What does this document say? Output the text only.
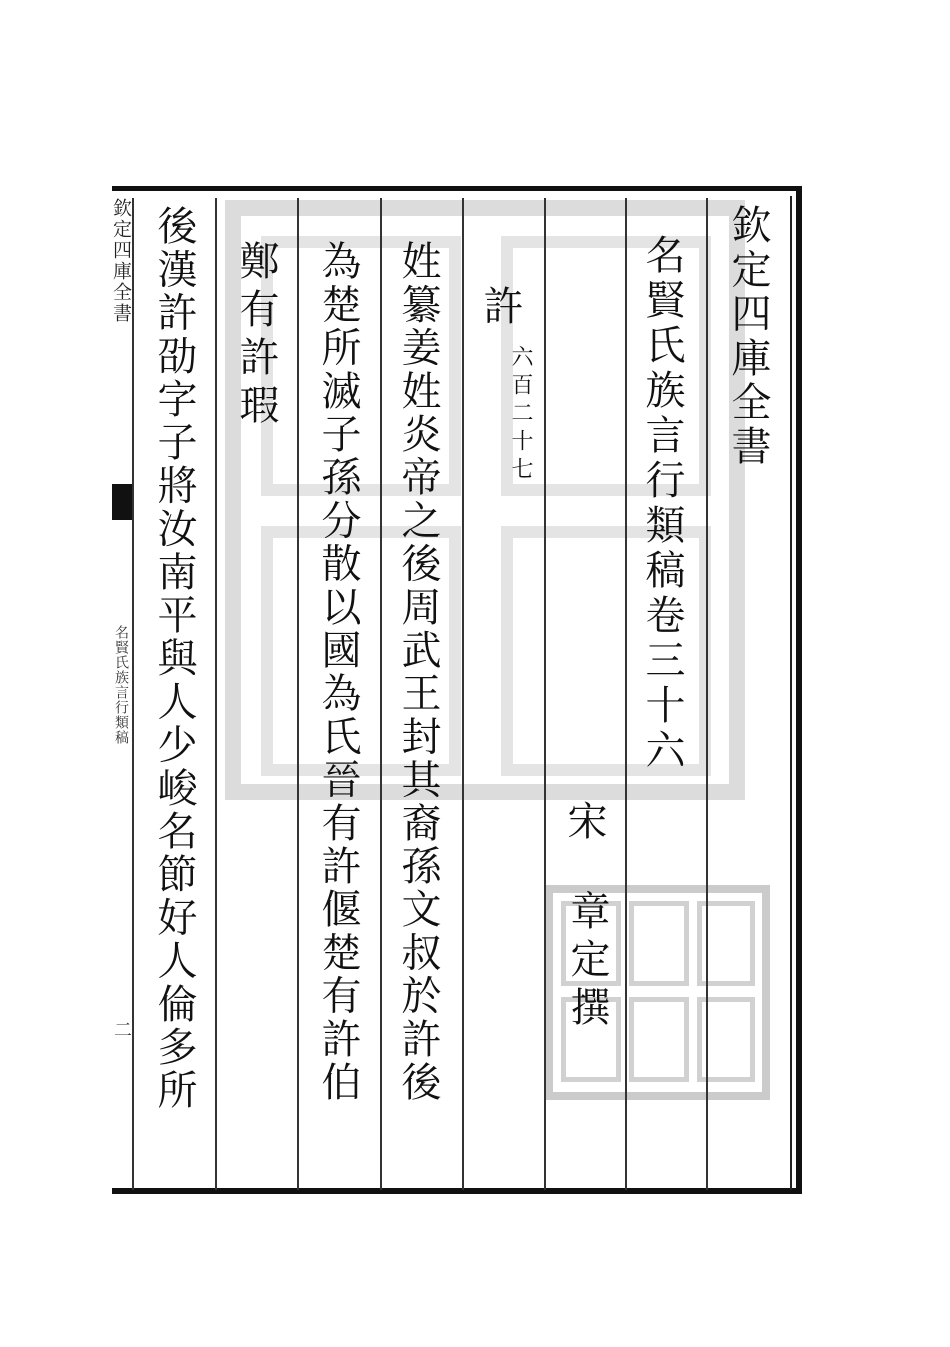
欽定四庫全書
名賢氏族言行類稿
二
欽定四庫全書
名賢氏族言行類稿卷三十六
宋
章定撰
許
六百二十七
姓纂姜姓炎帝之後周武王封其裔孫文叔於許後
為楚所滅子孫分散以國為氏晉有許偃楚有許伯
鄭有許瑕
後漢許劭字子將汝南平與人少峻名節好人倫多所
